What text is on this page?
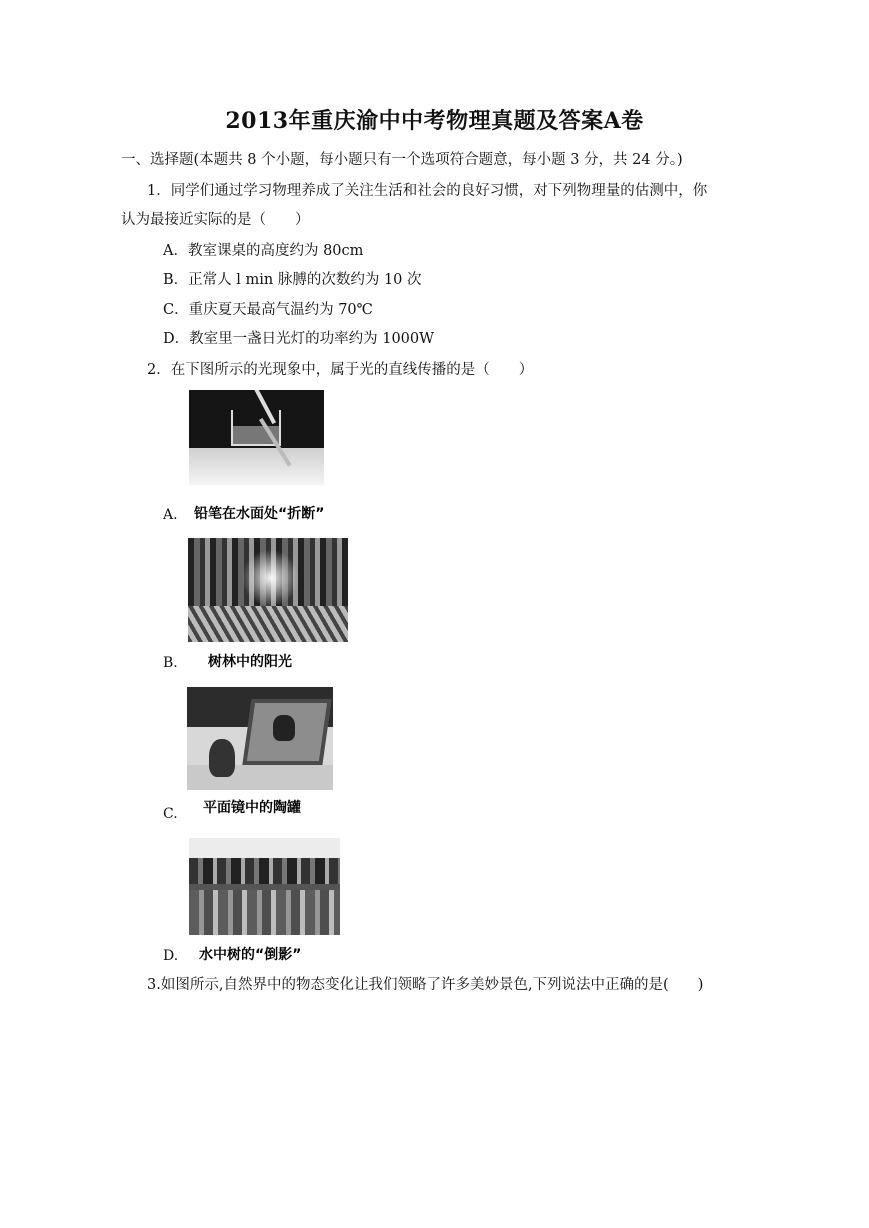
2013年重庆渝中中考物理真题及答案A卷
一、选择题(本题共 8 个小题，每小题只有一个选项符合题意，每小题 3 分，共 24 分。)
1．同学们通过学习物理养成了关注生活和社会的良好习惯，对下列物理量的估测中，你
认为最接近实际的是（　　）
A．教室课桌的高度约为 80cm
B．正常人 l min 脉膊的次数约为 10 次
C．重庆夏天最高气温约为 70℃
D．教室里一盏日光灯的功率约为 1000W
2．在下图所示的光现象中，属于光的直线传播的是（　　）
A. 铅笔在水面处“折断”
B. 树林中的阳光
平面镜中的陶罐
C.
D. 水中树的“倒影”
3.如图所示,自然界中的物态变化让我们领略了许多美妙景色,下列说法中正确的是(　　)
